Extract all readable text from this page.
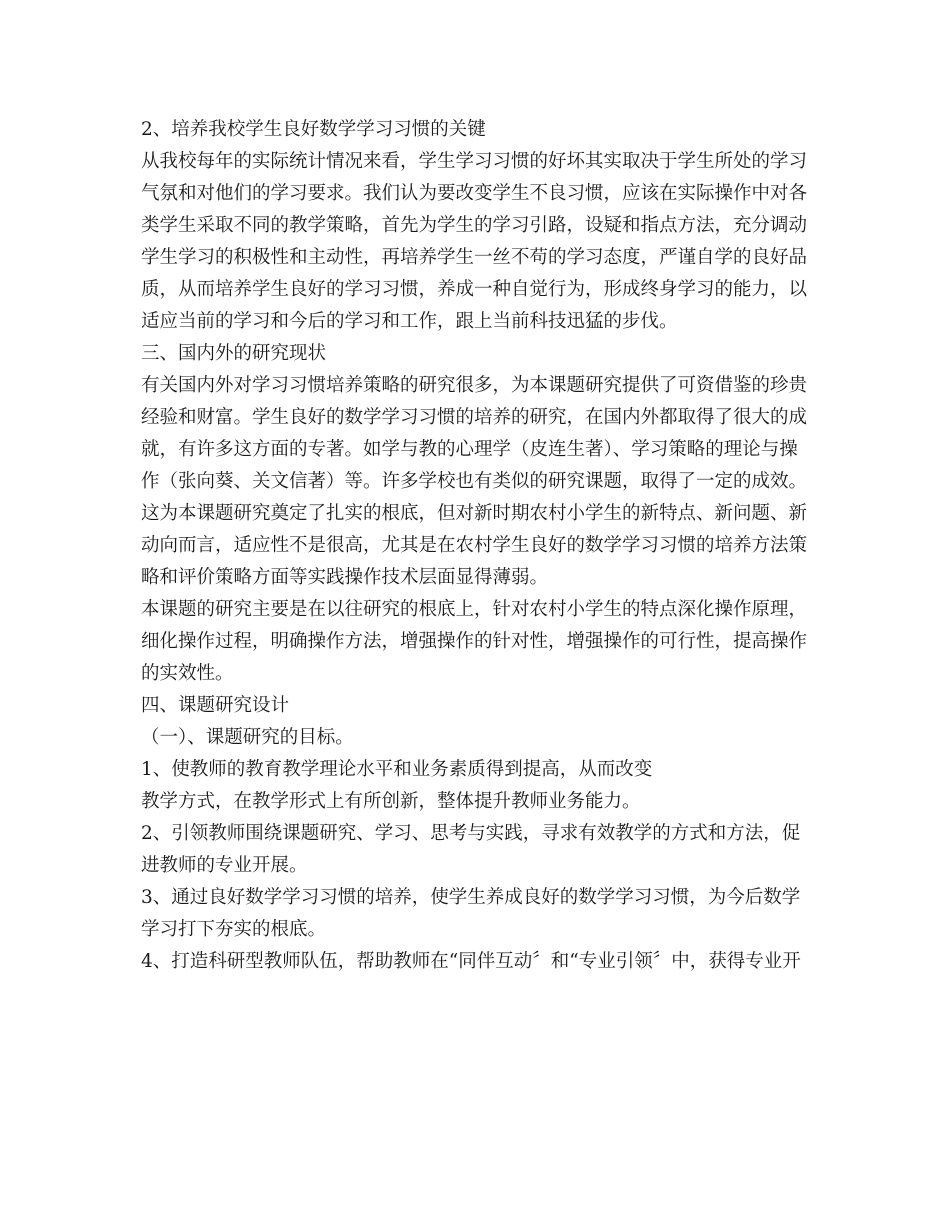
2、培养我校学生良好数学学习习惯的关键
从我校每年的实际统计情况来看，学生学习习惯的好坏其实取决于学生所处的学习
气氛和对他们的学习要求。我们认为要改变学生不良习惯，应该在实际操作中对各
类学生采取不同的教学策略，首先为学生的学习引路，设疑和指点方法，充分调动
学生学习的积极性和主动性，再培养学生一丝不苟的学习态度，严谨自学的良好品
质，从而培养学生良好的学习习惯，养成一种自觉行为，形成终身学习的能力，以
适应当前的学习和今后的学习和工作，跟上当前科技迅猛的步伐。
三、国内外的研究现状
有关国内外对学习习惯培养策略的研究很多，为本课题研究提供了可资借鉴的珍贵
经验和财富。学生良好的数学学习习惯的培养的研究，在国内外都取得了很大的成
就，有许多这方面的专著。如学与教的心理学（皮连生著）、学习策略的理论与操
作（张向葵、关文信著）等。许多学校也有类似的研究课题，取得了一定的成效。
这为本课题研究奠定了扎实的根底，但对新时期农村小学生的新特点、新问题、新
动向而言，适应性不是很高，尤其是在农村学生良好的数学学习习惯的培养方法策
略和评价策略方面等实践操作技术层面显得薄弱。
本课题的研究主要是在以往研究的根底上，针对农村小学生的特点深化操作原理，
细化操作过程，明确操作方法，增强操作的针对性，增强操作的可行性，提高操作
的实效性。
四、课题研究设计
（一）、课题研究的目标。
1、使教师的教育教学理论水平和业务素质得到提高，从而改变
教学方式，在教学形式上有所创新，整体提升教师业务能力。
2、引领教师围绕课题研究、学习、思考与实践，寻求有效教学的方式和方法，促
进教师的专业开展。
3、通过良好数学学习习惯的培养，使学生养成良好的数学学习习惯，为今后数学
学习打下夯实的根底。
4、打造科研型教师队伍，帮助教师在“同伴互动〞和“专业引领〞中，获得专业开
